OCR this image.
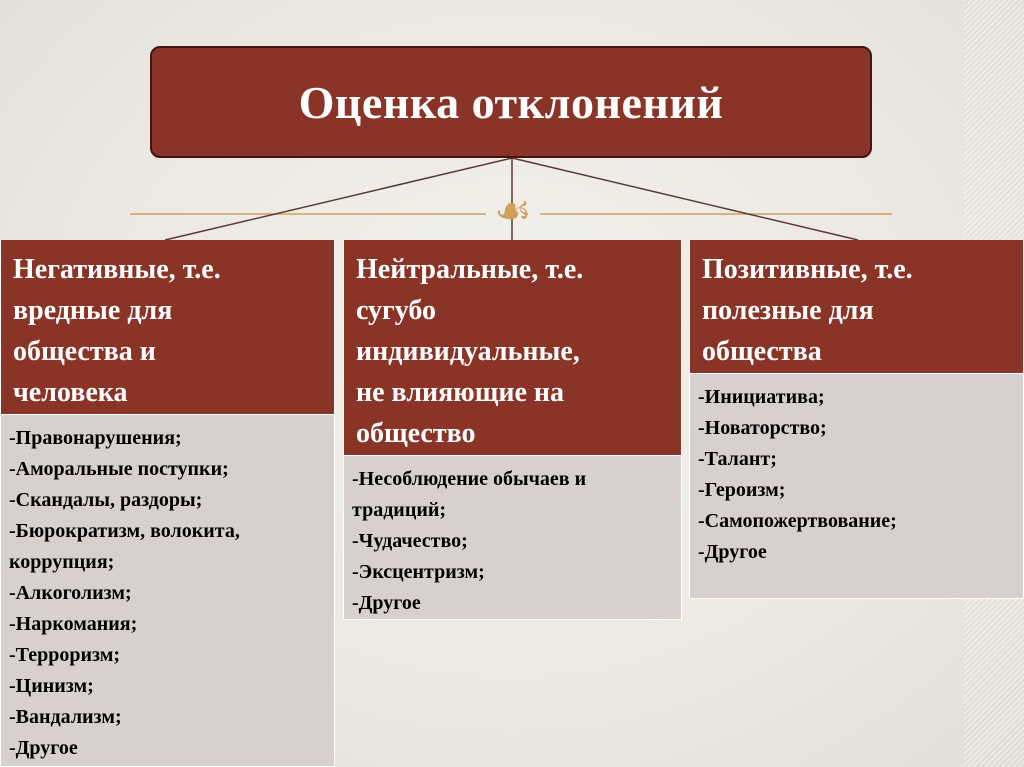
Оценка отклонений
☙
Негативные, т.е.
вредные для
общества и
человека
-Правонарушения;
-Аморальные поступки;
-Скандалы, раздоры;
-Бюрократизм, волокита,
коррупция;
-Алкоголизм;
-Наркомания;
-Терроризм;
-Цинизм;
-Вандализм;
-Другое
Нейтральные, т.е.
сугубо
индивидуальные,
не влияющие на
общество
-Несоблюдение обычаев и
традиций;
-Чудачество;
-Эксцентризм;
-Другое
Позитивные, т.е.
полезные для
общества
-Инициатива;
-Новаторство;
-Талант;
-Героизм;
-Самопожертвование;
-Другое
